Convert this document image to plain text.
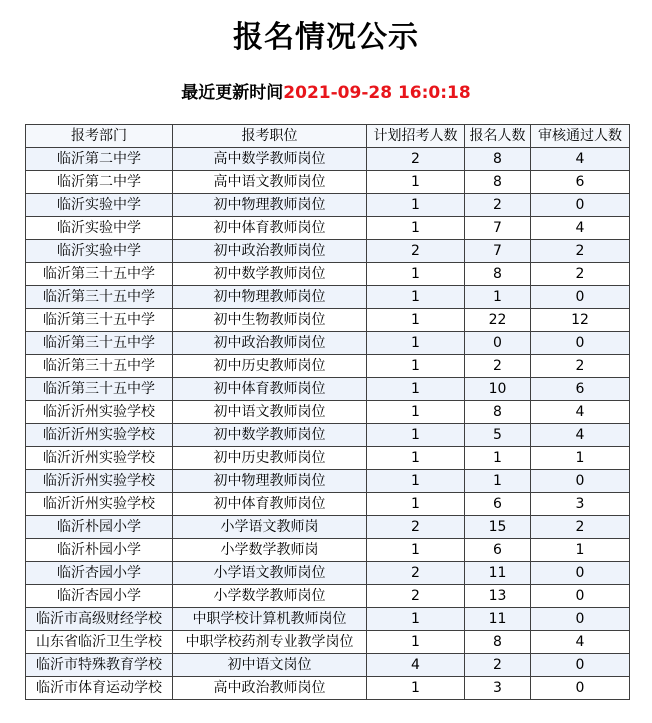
报名情况公示
最近更新时间2021-09-28 16:0:18
报考部门	报考职位	计划招考人数	报名人数	审核通过人数
临沂第二中学	高中数学教师岗位	2	8	4
临沂第二中学	高中语文教师岗位	1	8	6
临沂实验中学	初中物理教师岗位	1	2	0
临沂实验中学	初中体育教师岗位	1	7	4
临沂实验中学	初中政治教师岗位	2	7	2
临沂第三十五中学	初中数学教师岗位	1	8	2
临沂第三十五中学	初中物理教师岗位	1	1	0
临沂第三十五中学	初中生物教师岗位	1	22	12
临沂第三十五中学	初中政治教师岗位	1	0	0
临沂第三十五中学	初中历史教师岗位	1	2	2
临沂第三十五中学	初中体育教师岗位	1	10	6
临沂沂州实验学校	初中语文教师岗位	1	8	4
临沂沂州实验学校	初中数学教师岗位	1	5	4
临沂沂州实验学校	初中历史教师岗位	1	1	1
临沂沂州实验学校	初中物理教师岗位	1	1	0
临沂沂州实验学校	初中体育教师岗位	1	6	3
临沂朴园小学	小学语文教师岗	2	15	2
临沂朴园小学	小学数学教师岗	1	6	1
临沂杏园小学	小学语文教师岗位	2	11	0
临沂杏园小学	小学数学教师岗位	2	13	0
临沂市高级财经学校	中职学校计算机教师岗位	1	11	0
山东省临沂卫生学校	中职学校药剂专业教学岗位	1	8	4
临沂市特殊教育学校	初中语文岗位	4	2	0
临沂市体育运动学校	高中政治教师岗位	1	3	0
